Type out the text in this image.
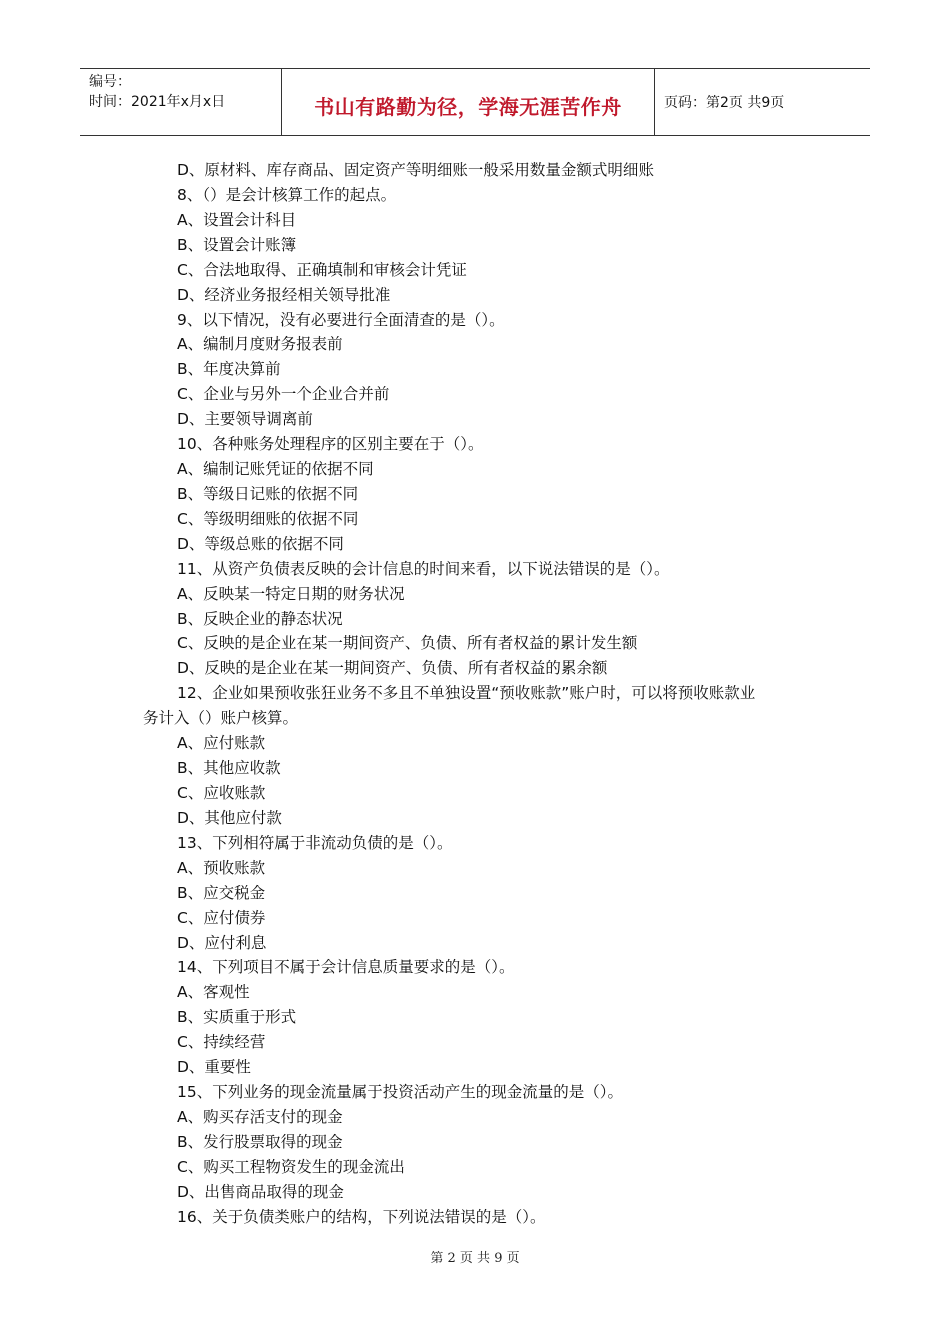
编号：
时间：2021年x月x日	书山有路勤为径，学海无涯苦作舟	页码：第2页 共9页
D、原材料、库存商品、固定资产等明细账一般采用数量金额式明细账
8、（）是会计核算工作的起点。
A、设置会计科目
B、设置会计账簿
C、合法地取得、正确填制和审核会计凭证
D、经济业务报经相关领导批准
9、以下情况，没有必要进行全面清查的是（）。
A、编制月度财务报表前
B、年度决算前
C、企业与另外一个企业合并前
D、主要领导调离前
10、各种账务处理程序的区别主要在于（）。
A、编制记账凭证的依据不同
B、等级日记账的依据不同
C、等级明细账的依据不同
D、等级总账的依据不同
11、从资产负债表反映的会计信息的时间来看，以下说法错误的是（）。
A、反映某一特定日期的财务状况
B、反映企业的静态状况
C、反映的是企业在某一期间资产、负债、所有者权益的累计发生额
D、反映的是企业在某一期间资产、负债、所有者权益的累余额
12、企业如果预收张狂业务不多且不单独设置“预收账款”账户时，可以将预收账款业
务计入（）账户核算。
A、应付账款
B、其他应收款
C、应收账款
D、其他应付款
13、下列相符属于非流动负债的是（）。
A、预收账款
B、应交税金
C、应付债券
D、应付利息
14、下列项目不属于会计信息质量要求的是（）。
A、客观性
B、实质重于形式
C、持续经营
D、重要性
15、下列业务的现金流量属于投资活动产生的现金流量的是（）。
A、购买存活支付的现金
B、发行股票取得的现金
C、购买工程物资发生的现金流出
D、出售商品取得的现金
16、关于负债类账户的结构，下列说法错误的是（）。
第 2 页 共 9 页
